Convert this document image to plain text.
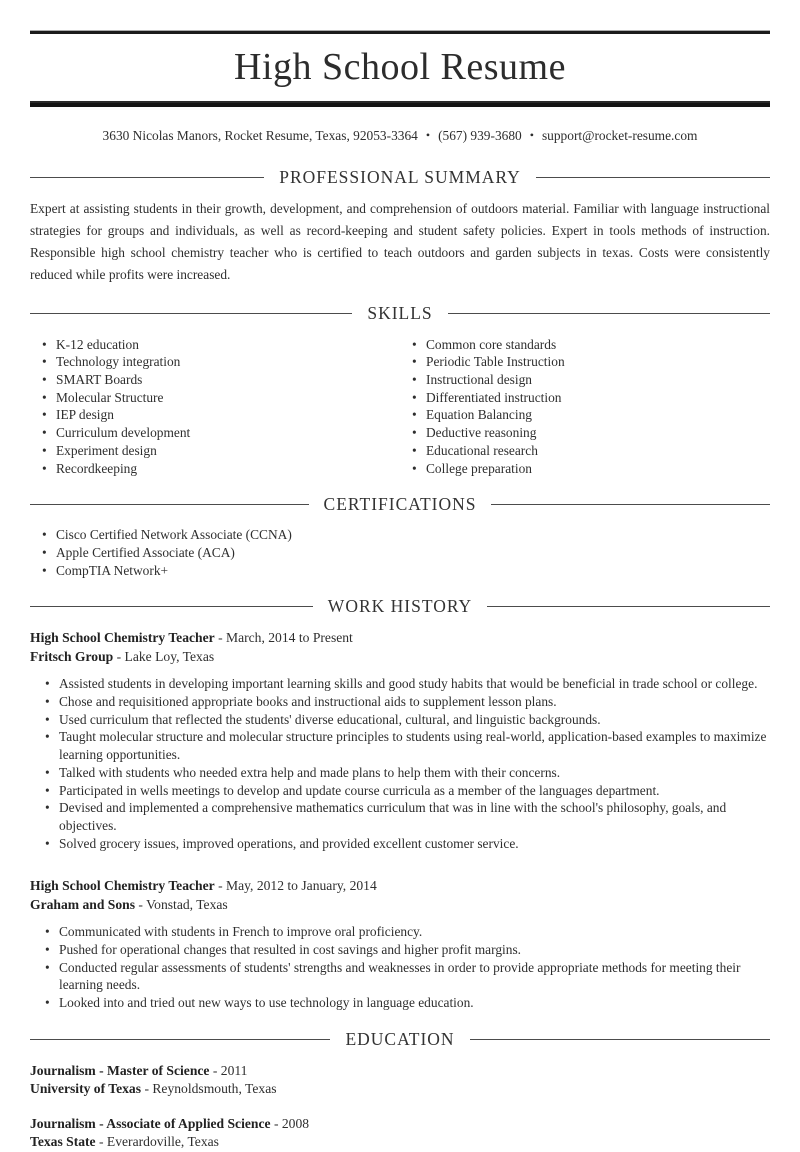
High School Resume
3630 Nicolas Manors, Rocket Resume, Texas, 92053-3364 • (567) 939-3680 • support@rocket-resume.com
PROFESSIONAL SUMMARY

Expert at assisting students in their growth, development, and comprehension of outdoors material. Familiar with language instructional strategies for groups and individuals, as well as record-keeping and student safety policies. Expert in tools methods of instruction. Responsible high school chemistry teacher who is certified to teach outdoors and garden subjects in texas. Costs were consistently reduced while profits were increased.

SKILLS
• K-12 education
• Technology integration
• SMART Boards
• Molecular Structure
• IEP design
• Curriculum development
• Experiment design
• Recordkeeping
• Common core standards
• Periodic Table Instruction
• Instructional design
• Differentiated instruction
• Equation Balancing
• Deductive reasoning
• Educational research
• College preparation
CERTIFICATIONS
• Cisco Certified Network Associate (CCNA)
• Apple Certified Associate (ACA)
• CompTIA Network+
WORK HISTORY
High School Chemistry Teacher - March, 2014 to Present
Fritsch Group - Lake Loy, Texas
• Assisted students in developing important learning skills and good study habits that would be beneficial in trade school or college.
• Chose and requisitioned appropriate books and instructional aids to supplement lesson plans.
• Used curriculum that reflected the students' diverse educational, cultural, and linguistic backgrounds.
• Taught molecular structure and molecular structure principles to students using real-world, application-based examples to maximize learning opportunities.
• Talked with students who needed extra help and made plans to help them with their concerns.
• Participated in wells meetings to develop and update course curricula as a member of the languages department.
• Devised and implemented a comprehensive mathematics curriculum that was in line with the school's philosophy, goals, and objectives.
• Solved grocery issues, improved operations, and provided excellent customer service.
High School Chemistry Teacher - May, 2012 to January, 2014
Graham and Sons - Vonstad, Texas
• Communicated with students in French to improve oral proficiency.
• Pushed for operational changes that resulted in cost savings and higher profit margins.
• Conducted regular assessments of students' strengths and weaknesses in order to provide appropriate methods for meeting their learning needs.
• Looked into and tried out new ways to use technology in language education.
EDUCATION
Journalism - Master of Science - 2011
University of Texas - Reynoldsmouth, Texas
Journalism - Associate of Applied Science - 2008
Texas State - Everardoville, Texas
